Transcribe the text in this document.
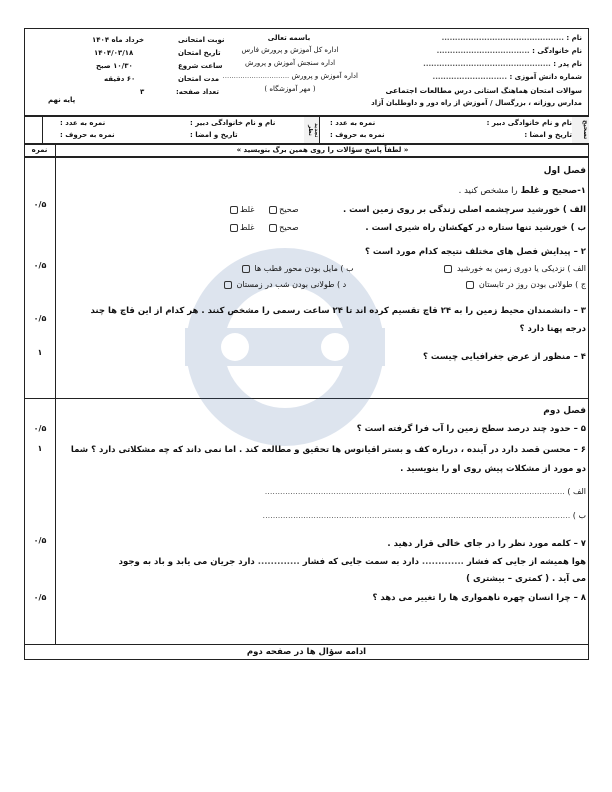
نام : ..............................................
نام خانوادگی : ...................................
نام پدر : ................................................
شماره دانش آموزی : ............................
سوالات امتحان هماهنگ استانی درس مطالعات اجتماعی
مدارس روزانه ، بزرگسال / آموزش از راه دور و داوطلبان آزاد
باسمه تعالی
اداره کل آموزش و پرورش فارس
اداره سنجش آموزش و پرورش
اداره آموزش و پرورش ..............................
( مهر آموزشگاه )
نوبت امتحانی
خرداد ماه ۱۴۰۴
تاریخ امتحان
۱۴۰۴/۰۳/۱۸
ساعت شروع
۱۰/۳۰ صبح
مدت امتحان
۶۰ دقیقه
تعداد صفحه:
۳
پایه نهم
تصحیح
تجدید نظر
نام و نام خانوادگی دبیر :
تاریخ و امضا :
نمره به عدد :
نمره به حروف :
نام و نام خانوادگی دبیر :
تاریخ و امضا :
نمره به عدد :
نمره به حروف :
« لطفاً پاسخ سؤالات را روی همین برگ بنویسید »
نمره
فصل اول
۱-صحیح و غلط را مشخص کنید .
الف ) خورشید سرچشمه اصلی زندگی بر روی زمین است .
صحیح     غلط
ب ) خورشید تنها ستاره در کهکشان راه شیری است .
صحیح     غلط
۰/۵
۲ – پیدایش فصل های مختلف نتیجه کدام مورد است ؟
الف ) نزدیکی یا دوری زمین به خورشید
ب ) مایل بودن محور قطب ها
ج ) طولانی بودن روز در تابستان
د ) طولانی بودن شب در زمستان
۰/۵
۳ – دانشمندان محیط زمین را به ۲۴ قاچ تقسیم کرده اند تا ۲۴ ساعت رسمی را مشخص کنند . هر کدام از این قاچ ها چند
درجه پهنا دارد ؟
۰/۵
۴ – منظور از عرض جغرافیایی چیست ؟
۱
فصل دوم
۵ – حدود چند درصد سطح زمین را آب فرا گرفته است ؟
۰/۵
۶ – محسن قصد دارد در آینده ، درباره کف و بستر اقیانوس ها تحقیق و مطالعه کند . اما نمی داند که چه مشکلاتی دارد ؟ شما
دو مورد از مشکلات پیش روی او را بنویسید .
۱
الف ) ......................................................................................................................
ب ) .........................................................................................................................
۷ – کلمه مورد نظر را در جای خالی قرار دهید .
۰/۵
هوا همیشه از جایی که فشار ............. دارد به سمت جایی که فشار ............. دارد جریان می یابد و باد به وجود
می آید . ( کمتری – بیشتری )
۸ – چرا انسان چهره ناهمواری ها را تغییر می دهد ؟
۰/۵
ادامه سؤال ها در صفحه دوم
